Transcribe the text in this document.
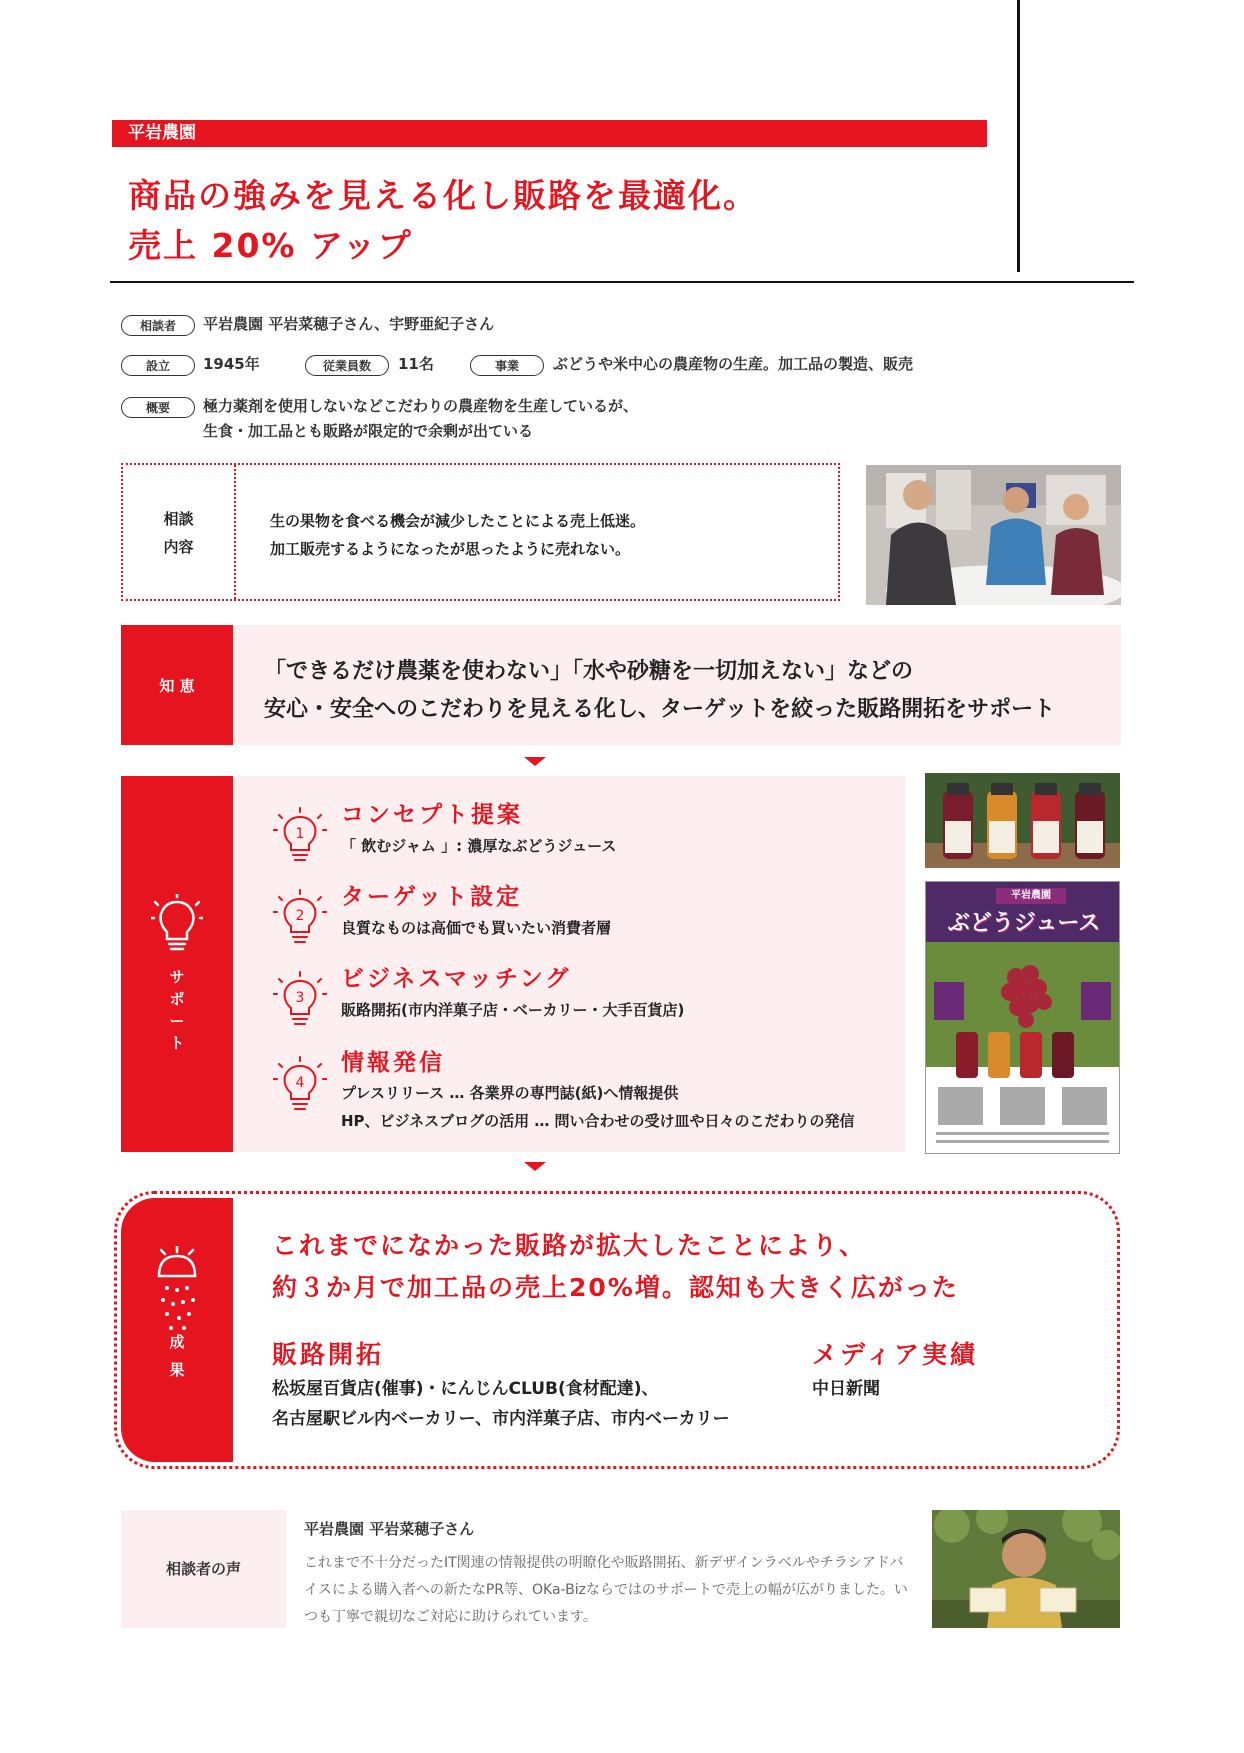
平岩農園
商品の強みを見える化し販路を最適化。
売上 20% アップ
相談者	平岩農園 平岩菜穂子さん、宇野亜紀子さん
設立	1945年	従業員数	11名	事業	ぶどうや米中心の農産物の生産。加工品の製造、販売
概要	極力薬剤を使用しないなどこだわりの農産物を生産しているが、
生食・加工品とも販路が限定的で余剰が出ている
相談
内容
生の果物を食べる機会が減少したことによる売上低迷。
加工販売するようになったが思ったように売れない。
知 恵
「できるだけ農薬を使わない」「水や砂糖を一切加えない」などの
安心・安全へのこだわりを見える化し、ターゲットを絞った販路開拓をサポート
サ
ポ
ー
ト
1
2
3
4
コンセプト提案
「 飲むジャム 」: 濃厚なぶどうジュース
ターゲット設定
良質なものは高価でも買いたい消費者層
ビジネスマッチング
販路開拓(市内洋菓子店・ベーカリー・大手百貨店)
情報発信
プレスリリース … 各業界の専門誌(紙)へ情報提供
HP、ビジネスブログの活用 … 問い合わせの受け皿や日々のこだわりの発信
平岩農園
ぶどうジュース
成
果
これまでになかった販路が拡大したことにより、
約３か月で加工品の売上20%増。認知も大きく広がった
販路開拓
松坂屋百貨店(催事)・にんじんCLUB(食材配達)、
名古屋駅ビル内ベーカリー、市内洋菓子店、市内ベーカリー
メディア実績
中日新聞
相談者の声
平岩農園 平岩菜穂子さん
これまで不十分だったIT関連の情報提供の明瞭化や販路開拓、新デザインラベルやチラシアドバイスによる購入者への新たなPR等、OKa-Bizならではのサポートで売上の幅が広がりました。いつも丁寧で親切なご対応に助けられています。
